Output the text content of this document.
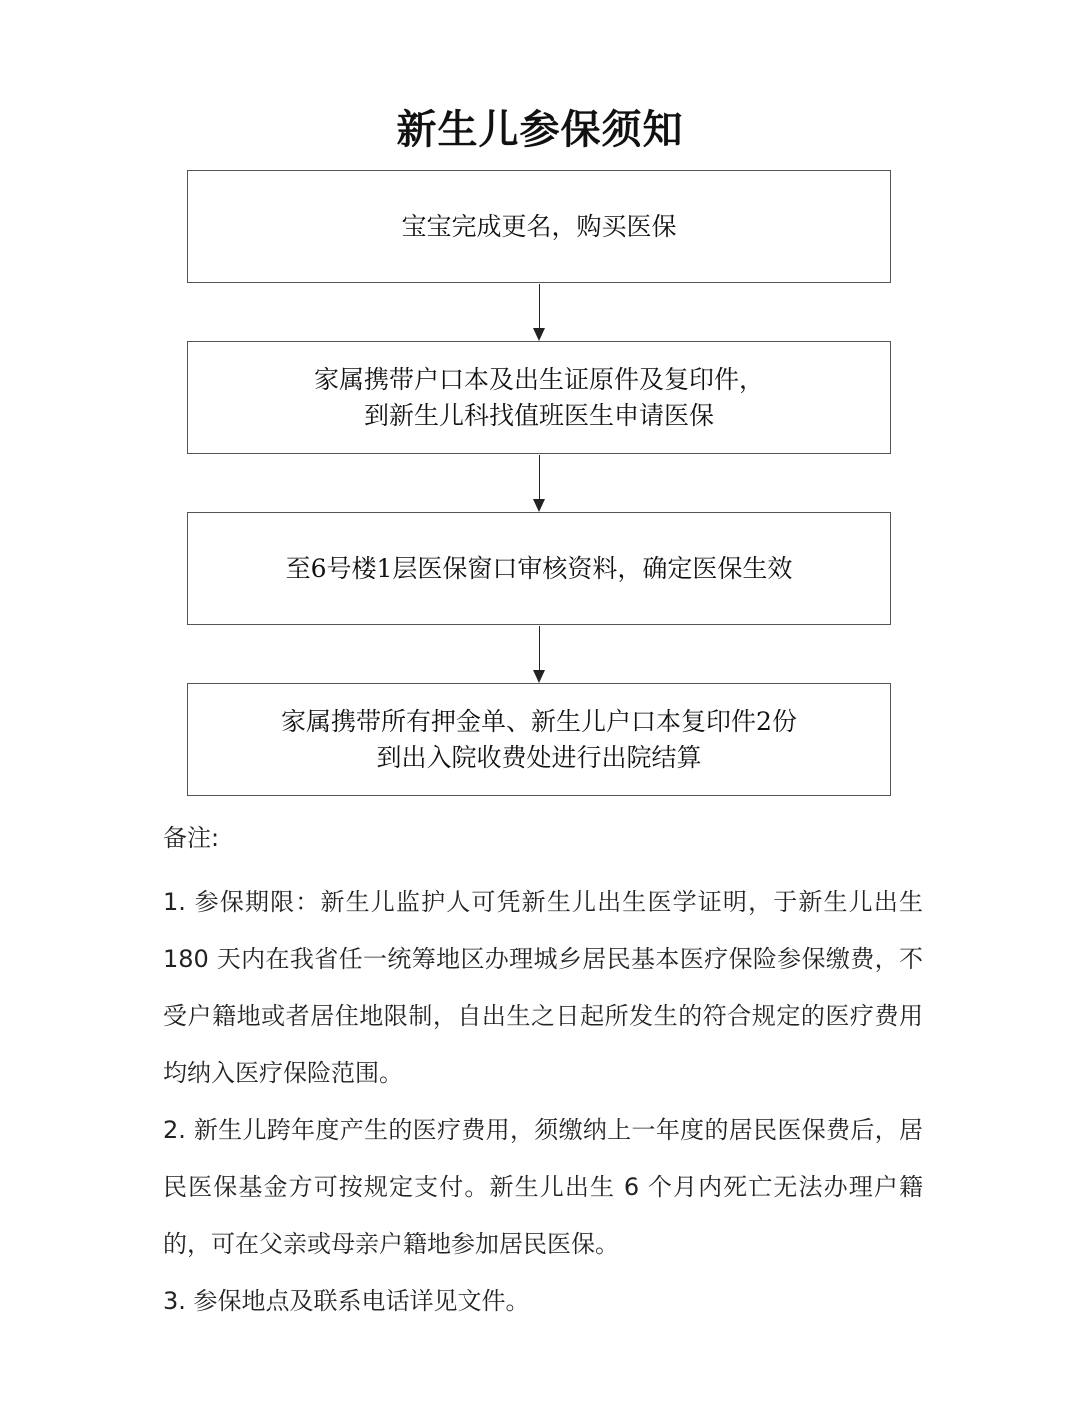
新生儿参保须知
宝宝完成更名，购买医保
家属携带户口本及出生证原件及复印件，
到新生儿科找值班医生申请医保
至6号楼1层医保窗口审核资料，确定医保生效
家属携带所有押金单、新生儿户口本复印件2份
到出入院收费处进行出院结算
备注:
1. 参保期限：新生儿监护人可凭新生儿出生医学证明，于新生儿出生 180 天内在我省任一统筹地区办理城乡居民基本医疗保险参保缴费，不受户籍地或者居住地限制，自出生之日起所发生的符合规定的医疗费用均纳入医疗保险范围。
2. 新生儿跨年度产生的医疗费用，须缴纳上一年度的居民医保费后，居民医保基金方可按规定支付。新生儿出生 6 个月内死亡无法办理户籍的，可在父亲或母亲户籍地参加居民医保。
3. 参保地点及联系电话详见文件。
